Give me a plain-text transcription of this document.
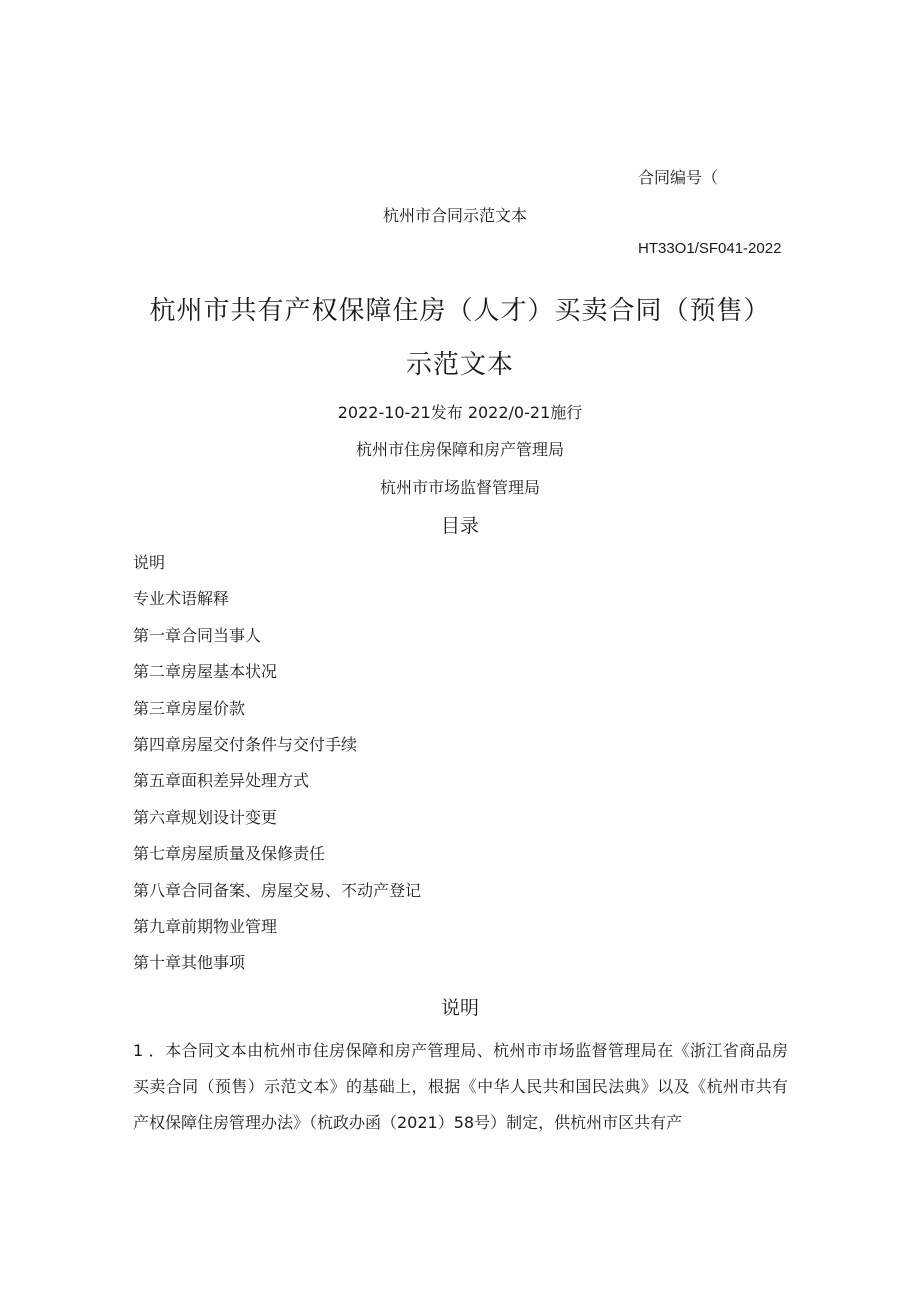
合同编号（
杭州市合同示范文本
HT33O1/SF041-2022
杭州市共有产权保障住房（人才）买卖合同（预售）
示范文本
2022-10-21发布 2022/0-21施行
杭州市住房保障和房产管理局
杭州市市场监督管理局
目录
说明
专业术语解释
第一章合同当事人
第二章房屋基本状况
第三章房屋价款
第四章房屋交付条件与交付手续
第五章面积差异处理方式
第六章规划设计变更
第七章房屋质量及保修责任
第八章合同备案、房屋交易、不动产登记
第九章前期物业管理
第十章其他事项
说明

1 ．本合同文本由杭州市住房保障和房产管理局、杭州市市场监督管理局在《浙江省商品房买卖合同（预售）示范文本》的基础上，根据《中华人民共和国民法典》以及《杭州市共有产权保障住房管理办法》（杭政办函（2021）58号）制定，供杭州市区共有产
